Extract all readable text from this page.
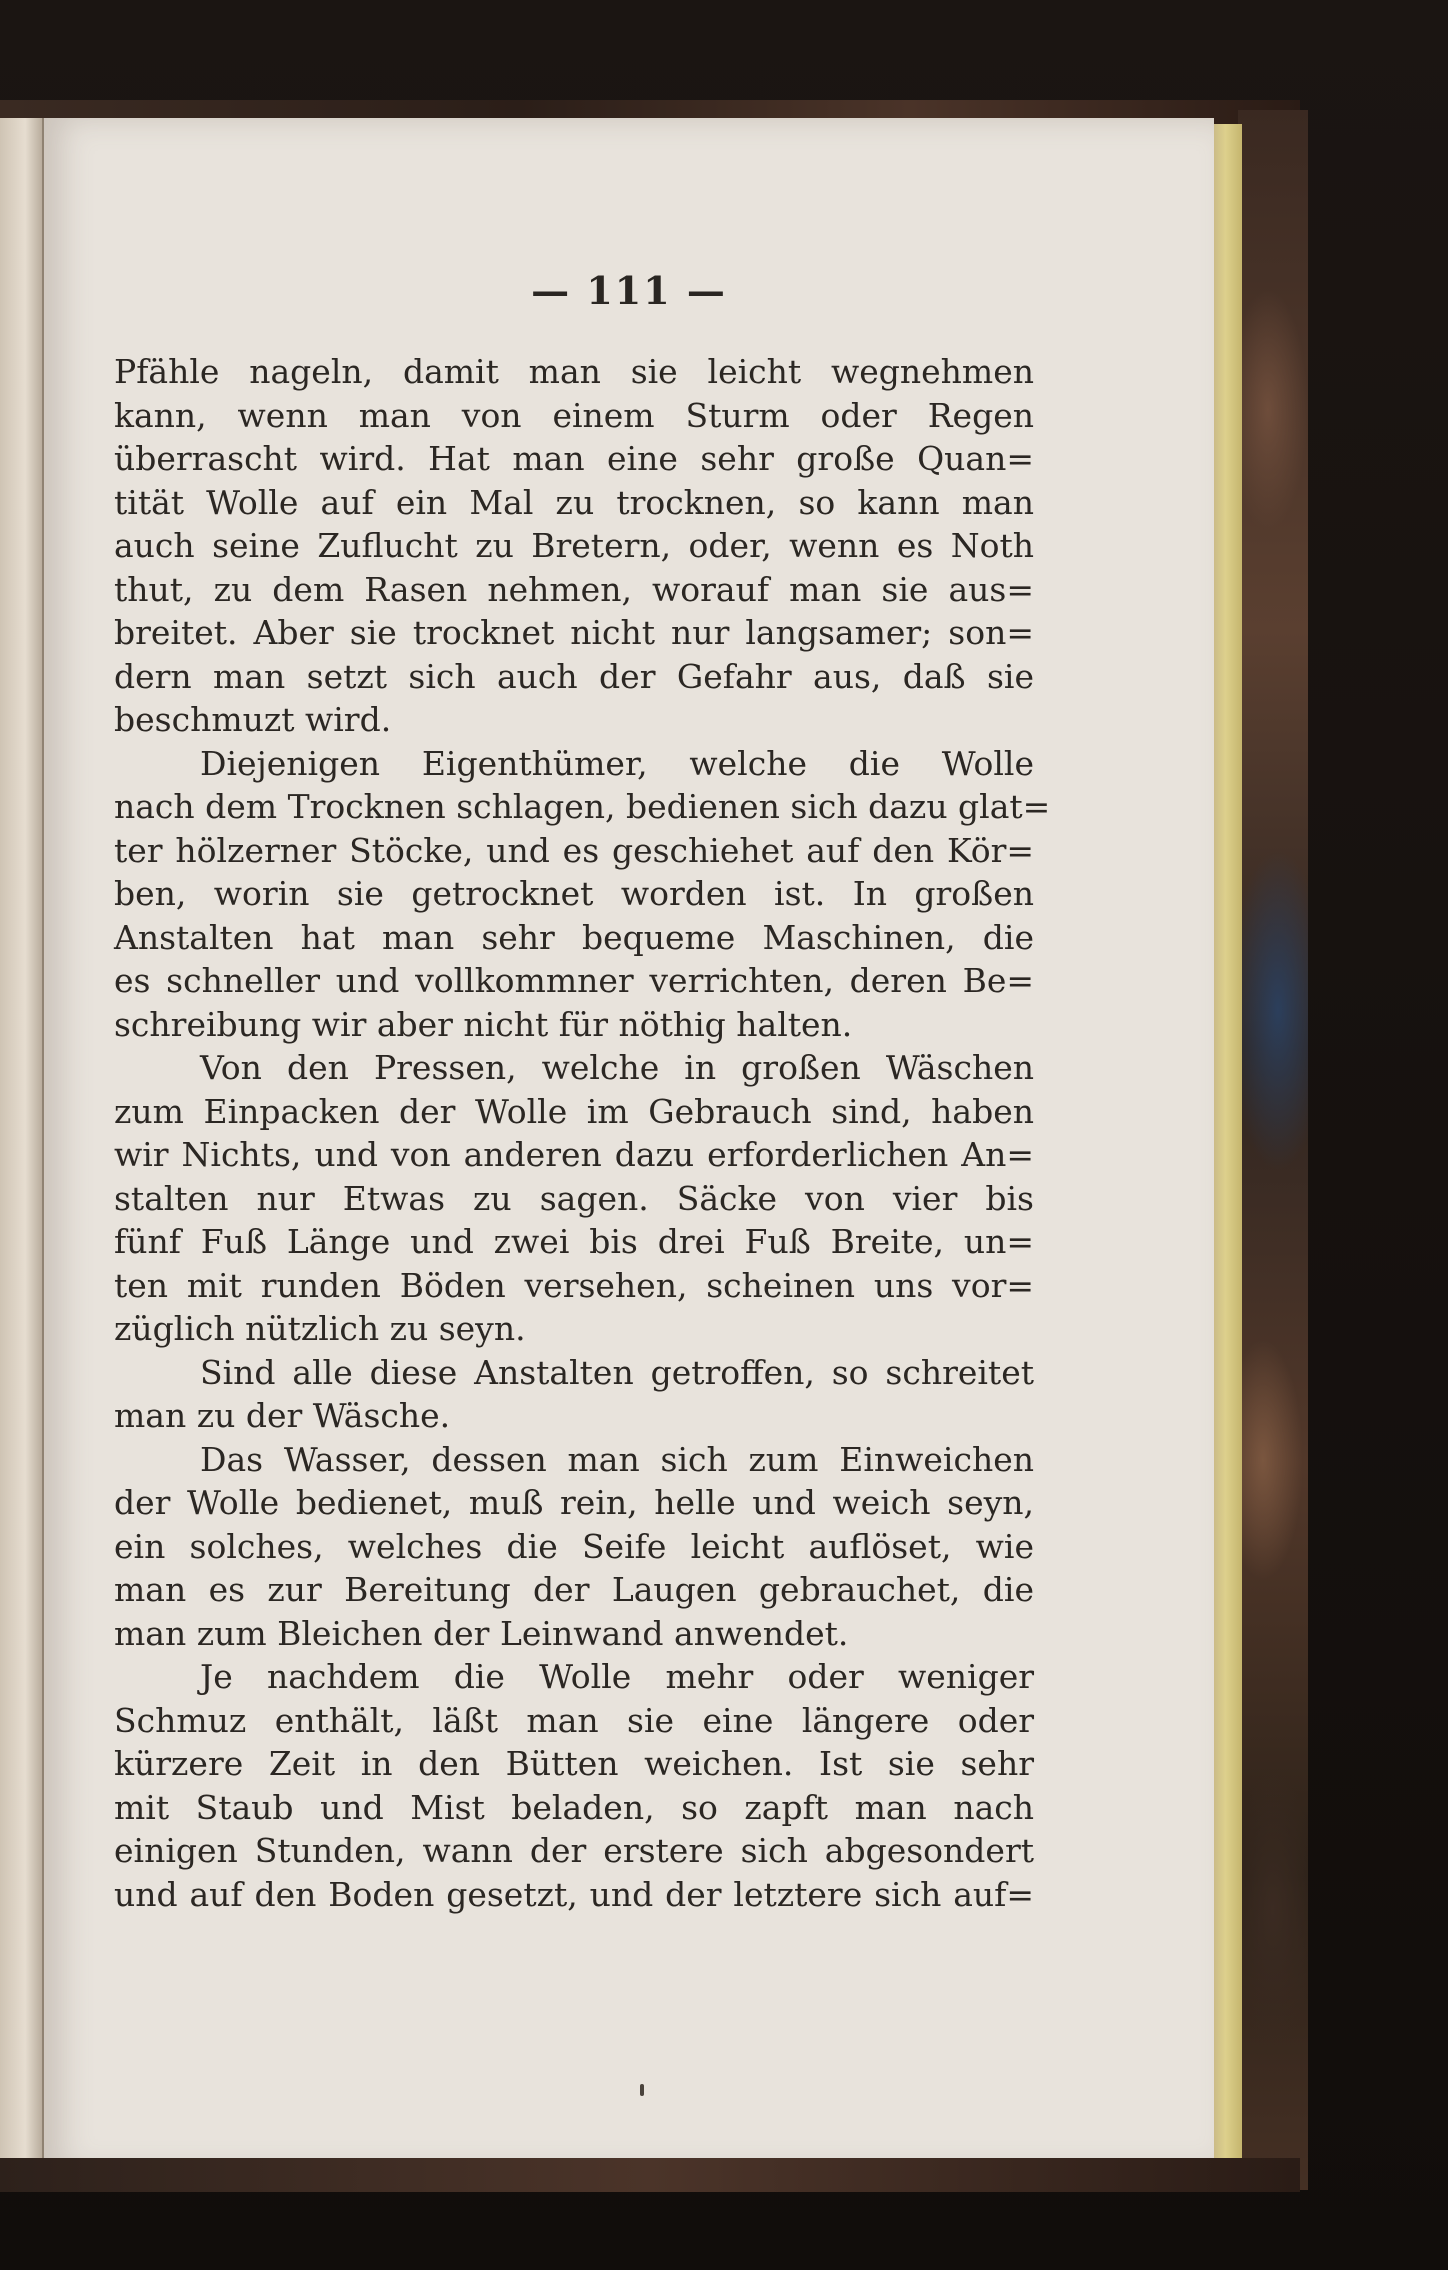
— 111 —
Pfähle nageln, damit man sie leicht wegnehmen
kann, wenn man von einem Sturm oder Regen
überrascht wird. Hat man eine sehr große Quan=
tität Wolle auf ein Mal zu trocknen, so kann man
auch seine Zuflucht zu Bretern, oder, wenn es Noth
thut, zu dem Rasen nehmen, worauf man sie aus=
breitet. Aber sie trocknet nicht nur langsamer; son=
dern man setzt sich auch der Gefahr aus, daß sie
beschmuzt wird.
Diejenigen Eigenthümer, welche die Wolle
nach dem Trocknen schlagen, bedienen sich dazu glat=
ter hölzerner Stöcke, und es geschiehet auf den Kör=
ben, worin sie getrocknet worden ist. In großen
Anstalten hat man sehr bequeme Maschinen, die
es schneller und vollkommner verrichten, deren Be=
schreibung wir aber nicht für nöthig halten.
Von den Pressen, welche in großen Wäschen
zum Einpacken der Wolle im Gebrauch sind, haben
wir Nichts, und von anderen dazu erforderlichen An=
stalten nur Etwas zu sagen. Säcke von vier bis
fünf Fuß Länge und zwei bis drei Fuß Breite, un=
ten mit runden Böden versehen, scheinen uns vor=
züglich nützlich zu seyn.
Sind alle diese Anstalten getroffen, so schreitet
man zu der Wäsche.
Das Wasser, dessen man sich zum Einweichen
der Wolle bedienet, muß rein, helle und weich seyn,
ein solches, welches die Seife leicht auflöset, wie
man es zur Bereitung der Laugen gebrauchet, die
man zum Bleichen der Leinwand anwendet.
Je nachdem die Wolle mehr oder weniger
Schmuz enthält, läßt man sie eine längere oder
kürzere Zeit in den Bütten weichen. Ist sie sehr
mit Staub und Mist beladen, so zapft man nach
einigen Stunden, wann der erstere sich abgesondert
und auf den Boden gesetzt, und der letztere sich auf=
